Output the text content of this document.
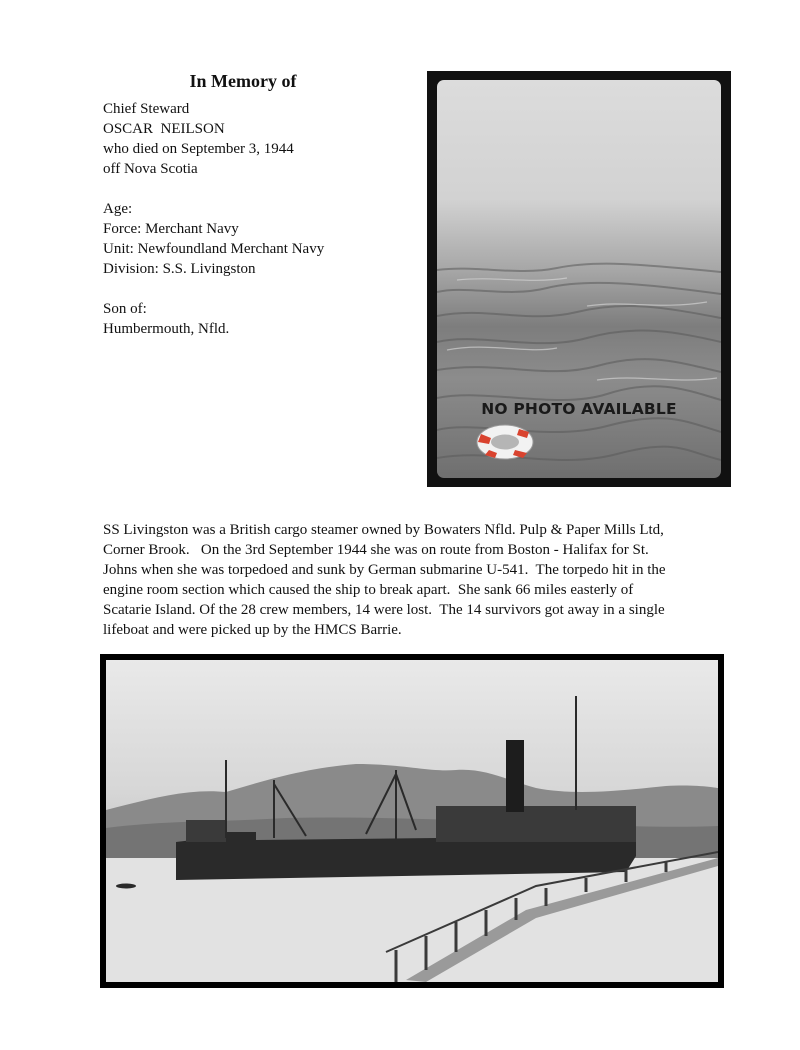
In Memory of
Chief Steward
OSCAR  NEILSON
who died on September 3, 1944
off Nova Scotia
Age:
Force: Merchant Navy
Unit: Newfoundland Merchant Navy
Division: S.S. Livingston
Son of:
Humbermouth, Nfld.
NO PHOTO AVAILABLE
SS Livingston was a British cargo steamer owned by Bowaters Nfld. Pulp & Paper Mills Ltd,
Corner Brook.   On the 3rd September 1944 she was on route from Boston - Halifax for St.
Johns when she was torpedoed and sunk by German submarine U-541.  The torpedo hit in the
engine room section which caused the ship to break apart.  She sank 66 miles easterly of
Scatarie Island. Of the 28 crew members, 14 were lost.  The 14 survivors got away in a single
lifeboat and were picked up by the HMCS Barrie.
